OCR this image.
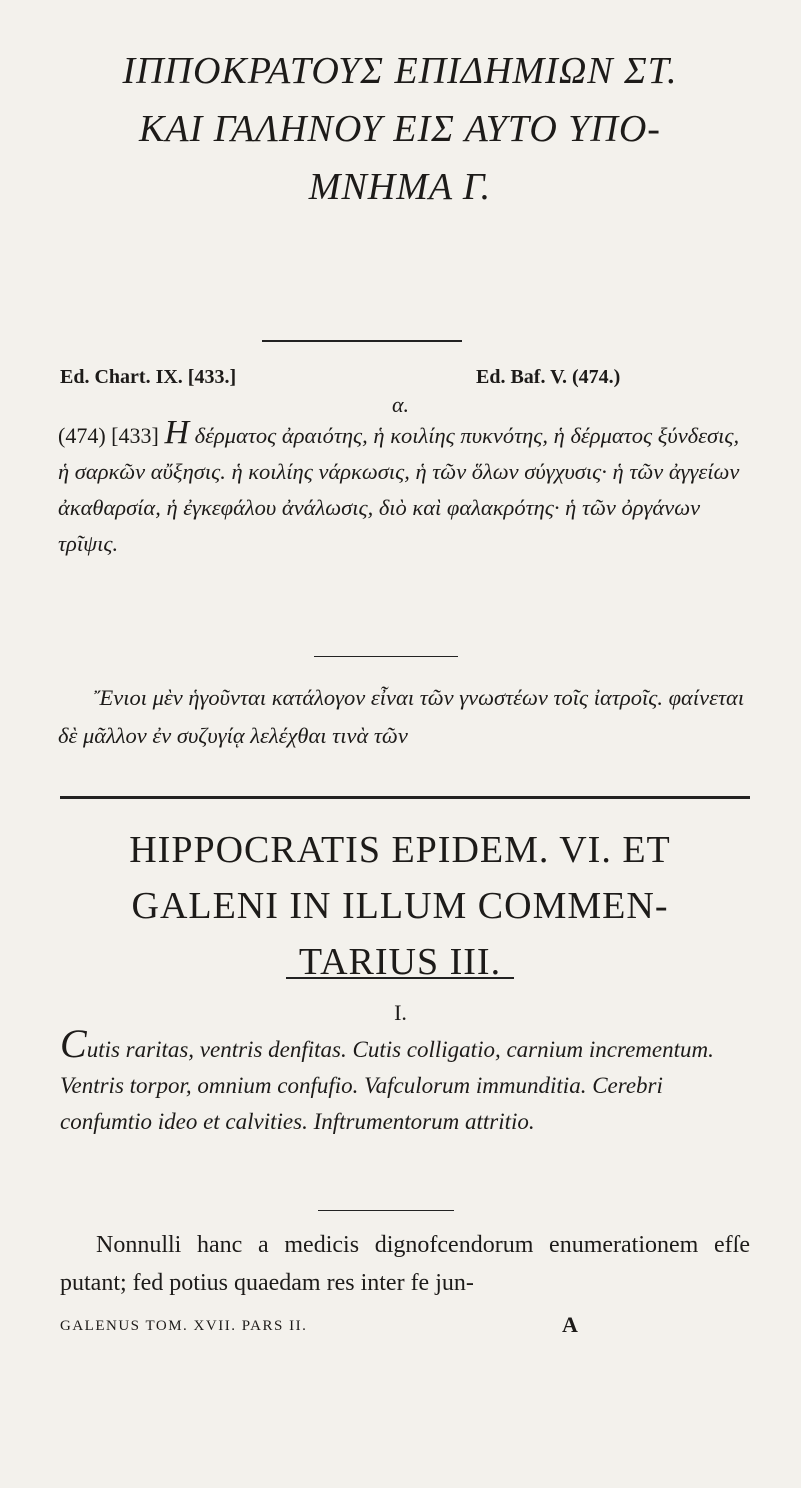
ΙΠΠΟΚΡΑΤΟΥΣ ΕΠΙΔΗΜΙΩΝ ΣΤ.
ΚΑΙ ΓΑΛΗΝΟΥ ΕΙΣ ΑΥΤΟ ΥΠΟ-
ΜΝΗΜΑ Γ.
Ed. Chart. IX. [433.]	Ed. Baf. V. (474.)
α.
(474) [433] Η δέρματος ἀραιότης, ἡ κοιλίης πυκνότης, ἡ δέρματος ξύνδεσις, ἡ σαρκῶν αὔξησις. ἡ κοιλίης νάρκωσις, ἡ τῶν ὅλων σύγχυσις· ἡ τῶν ἀγγείων ἀκαθαρσία, ἡ ἐγκεφάλου ἀνάλωσις, διὸ καὶ φαλακρότης· ἡ τῶν ὀργάνων τρῖψις.
Ἔνιοι μὲν ἡγοῦνται κατάλογον εἶναι τῶν γνωστέων τοῖς ἰατροῖς. φαίνεται δὲ μᾶλλον ἐν συζυγίᾳ λελέχθαι τινὰ τῶν
HIPPOCRATIS EPIDEM. VI. ET
GALENI IN ILLUM COMMEN-
TARIUS III.
I.
Cutis raritas, ventris denfitas. Cutis colligatio, carnium incrementum. Ventris torpor, omnium confufio. Vafculorum immunditia. Cerebri confumtio ideo et calvities. Inftrumentorum attritio.
Nonnulli hanc a medicis dignofcendorum enumerationem efſe putant; fed potius quaedam res inter fe jun-
GALENUS TOM. XVII. PARS II.	A
